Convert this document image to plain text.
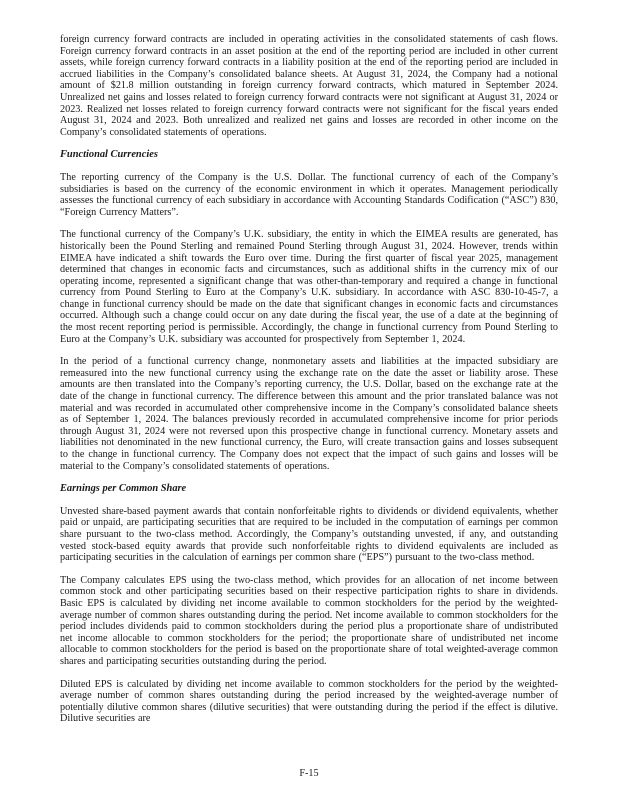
foreign currency forward contracts are included in operating activities in the consolidated statements of cash flows. Foreign currency forward contracts in an asset position at the end of the reporting period are included in other current assets, while foreign currency forward contracts in a liability position at the end of the reporting period are included in accrued liabilities in the Company’s consolidated balance sheets. At August 31, 2024, the Company had a notional amount of $21.8 million outstanding in foreign currency forward contracts, which matured in September 2024. Unrealized net gains and losses related to foreign currency forward contracts were not significant at August 31, 2024 or 2023. Realized net losses related to foreign currency forward contracts were not significant for the fiscal years ended August 31, 2024 and 2023. Both unrealized and realized net gains and losses are recorded in other income on the Company’s consolidated statements of operations.

Functional Currencies

The reporting currency of the Company is the U.S. Dollar. The functional currency of each of the Company’s subsidiaries is based on the currency of the economic environment in which it operates. Management periodically assesses the functional currency of each subsidiary in accordance with Accounting Standards Codification (“ASC”) 830, “Foreign Currency Matters”.

The functional currency of the Company’s U.K. subsidiary, the entity in which the EIMEA results are generated, has historically been the Pound Sterling and remained Pound Sterling through August 31, 2024. However, trends within EIMEA have indicated a shift towards the Euro over time. During the first quarter of fiscal year 2025, management determined that changes in economic facts and circumstances, such as additional shifts in the currency mix of our operating income, represented a significant change that was other-than-temporary and required a change in functional currency from Pound Sterling to Euro at the Company’s U.K. subsidiary. In accordance with ASC 830-10-45-7, a change in functional currency should be made on the date that significant changes in economic facts and circumstances occurred. Although such a change could occur on any date during the fiscal year, the use of a date at the beginning of the most recent reporting period is permissible. Accordingly, the change in functional currency from Pound Sterling to Euro at the Company’s U.K. subsidiary was accounted for prospectively from September 1, 2024.

In the period of a functional currency change, nonmonetary assets and liabilities at the impacted subsidiary are remeasured into the new functional currency using the exchange rate on the date the asset or liability arose. These amounts are then translated into the Company’s reporting currency, the U.S. Dollar, based on the exchange rate at the date of the change in functional currency. The difference between this amount and the prior translated balance was not material and was recorded in accumulated other comprehensive income in the Company’s consolidated balance sheets as of September 1, 2024. The balances previously recorded in accumulated comprehensive income for prior periods through August 31, 2024 were not reversed upon this prospective change in functional currency. Monetary assets and liabilities not denominated in the new functional currency, the Euro, will create transaction gains and losses subsequent to the change in functional currency. The Company does not expect that the impact of such gains and losses will be material to the Company’s consolidated statements of operations.

Earnings per Common Share

Unvested share-based payment awards that contain nonforfeitable rights to dividends or dividend equivalents, whether paid or unpaid, are participating securities that are required to be included in the computation of earnings per common share pursuant to the two-class method. Accordingly, the Company’s outstanding unvested, if any, and outstanding vested stock-based equity awards that provide such nonforfeitable rights to dividend equivalents are included as participating securities in the calculation of earnings per common share (“EPS”) pursuant to the two-class method.

The Company calculates EPS using the two-class method, which provides for an allocation of net income between common stock and other participating securities based on their respective participation rights to share in dividends. Basic EPS is calculated by dividing net income available to common stockholders for the period by the weighted-average number of common shares outstanding during the period. Net income available to common stockholders for the period includes dividends paid to common stockholders during the period plus a proportionate share of undistributed net income allocable to common stockholders for the period; the proportionate share of undistributed net income allocable to common stockholders for the period is based on the proportionate share of total weighted-average common shares and participating securities outstanding during the period.

Diluted EPS is calculated by dividing net income available to common stockholders for the period by the weighted-average number of common shares outstanding during the period increased by the weighted-average number of potentially dilutive common shares (dilutive securities) that were outstanding during the period if the effect is dilutive. Dilutive securities are

F-15
